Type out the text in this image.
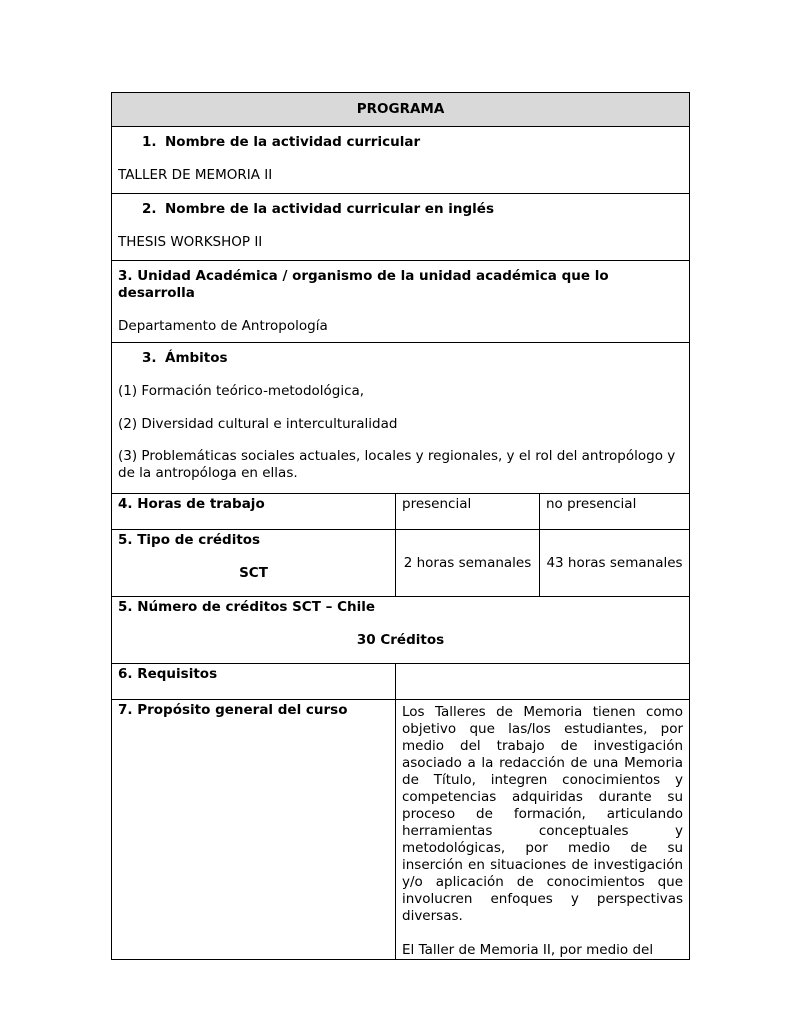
PROGRAMA		

1. Nombre de la actividad curricular
TALLER DE MEMORIA II		

2. Nombre de la actividad curricular en inglés
THESIS WORKSHOP II		

3. Unidad Académica / organismo de la unidad académica que lo desarrolla
Departamento de Antropología		

3. Ámbitos

(1) Formación teórico-metodológica,

(2) Diversidad cultural e interculturalidad

(3) Problemáticas sociales actuales, locales y regionales, y el rol del antropólogo y de la antropóloga en ellas.		

4. Horas de trabajo	presencial	no presencial

5. Tipo de créditos
SCT	2 horas semanales	43 horas semanales

5. Número de créditos SCT – Chile
30 Créditos		

6. Requisitos		
7. Propósito general del curso	Los Talleres de Memoria tienen como objetivo que las/los estudiantes, por medio del trabajo de investigación asociado a la redacción de una Memoria de Título, integren conocimientos y competencias adquiridas durante su proceso de formación, articulando herramientas conceptuales y metodológicas, por medio de su inserción en situaciones de investigación y/o aplicación de conocimientos que involucren enfoques y perspectivas diversas.

El Taller de Memoria II, por medio del	
